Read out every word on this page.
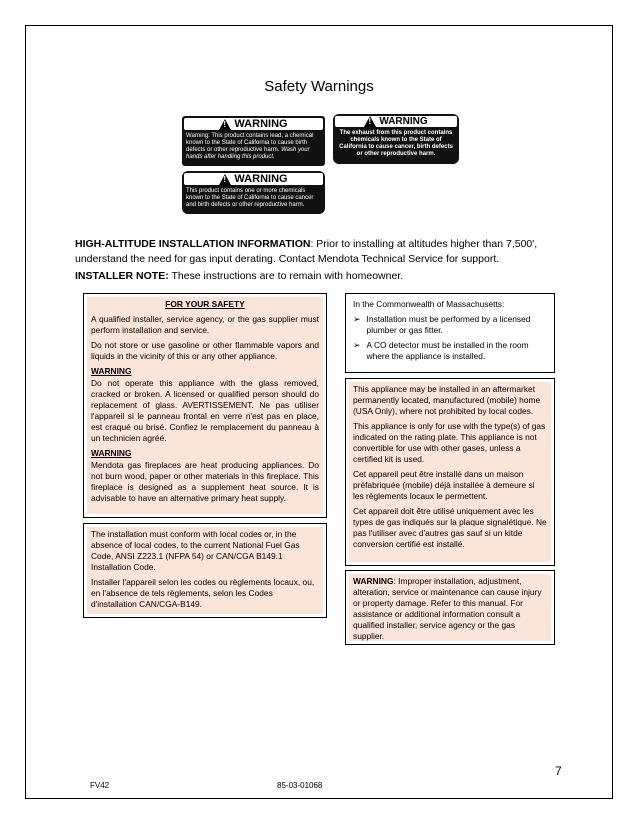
Safety Warnings
!
WARNING
Warning: This product contains lead, a chemical known to the State of California to cause birth defects or other reproductive harm. Wash your hands after handling this product.
!
WARNING
The exhaust from this product contains chemicals known to the State of California to cause cancer, birth defects or other reproductive harm.
!
WARNING
This product contains one or more chemicals known to the State of California to cause cancer and birth defects or other reproductive harm.
HIGH-ALTITUDE INSTALLATION INFORMATION: Prior to installing at altitudes higher than 7,500', understand the need for gas input derating. Contact Mendota Technical Service for support.
INSTALLER NOTE: These instructions are to remain with homeowner.

FOR YOUR SAFETY

A qualified installer, service agency, or the gas supplier must perform installation and service.

Do not store or use gasoline or other flammable vapors and liquids in the vicinity of this or any other appliance.

WARNING

Do not operate this appliance with the glass removed, cracked or broken. A licensed or qualified person should do replacement of glass. AVERTISSEMENT. Ne pas utiliser l'appareil si le panneau frontal en verre n'est pas en place, est craqué ou brisé. Confiez le remplacement du panneau à un technicien agréé.

WARNING

Mendota gas fireplaces are heat producing appliances. Do not burn wood, paper or other materials in this fireplace. This fireplace is designed as a supplement heat source. It is advisable to have an alternative primary heat supply.

The installation must conform with local codes or, in the absence of local codes, to the current National Fuel Gas Code, ANSI Z223.1 (NFPA 54) or CAN/CGA B149.1 Installation Code.

Installer l'appareil selon les codes ou règlements locaux, ou, en l'absence de tels règlements, selon les Codes d'installation CAN/CGA-B149.

In the Commonwealth of Massachusetts:

➢ Installation must be performed by a licensed plumber or gas fitter.
➢ A CO detector must be installed in the room where the appliance is installed.

This appliance may be installed in an aftermarket permanently located, manufactured (mobile) home (USA Only), where not prohibited by local codes.

This appliance is only for use with the type(s) of gas indicated on the rating plate. This appliance is not convertible for use with other gases, unless a certified kit is used.

Cet appareil peut être installé dans un maison préfabriquée (mobile) déjà installée à demeure si les règlements locaux le permettent.

Cet appareil doit être utilisé uniquement avec les types de gas indiqués sur la plaque signalétique. Ne pas l'utiliser avec d'autres gas sauf si un kitde conversion certifié est installé.

WARNING: Improper installation, adjustment, alteration, service or maintenance can cause injury or property damage. Refer to this manual. For assistance or additional information consult a qualified installer, service agency or the gas supplier.

7
FV42	85-03-01068
